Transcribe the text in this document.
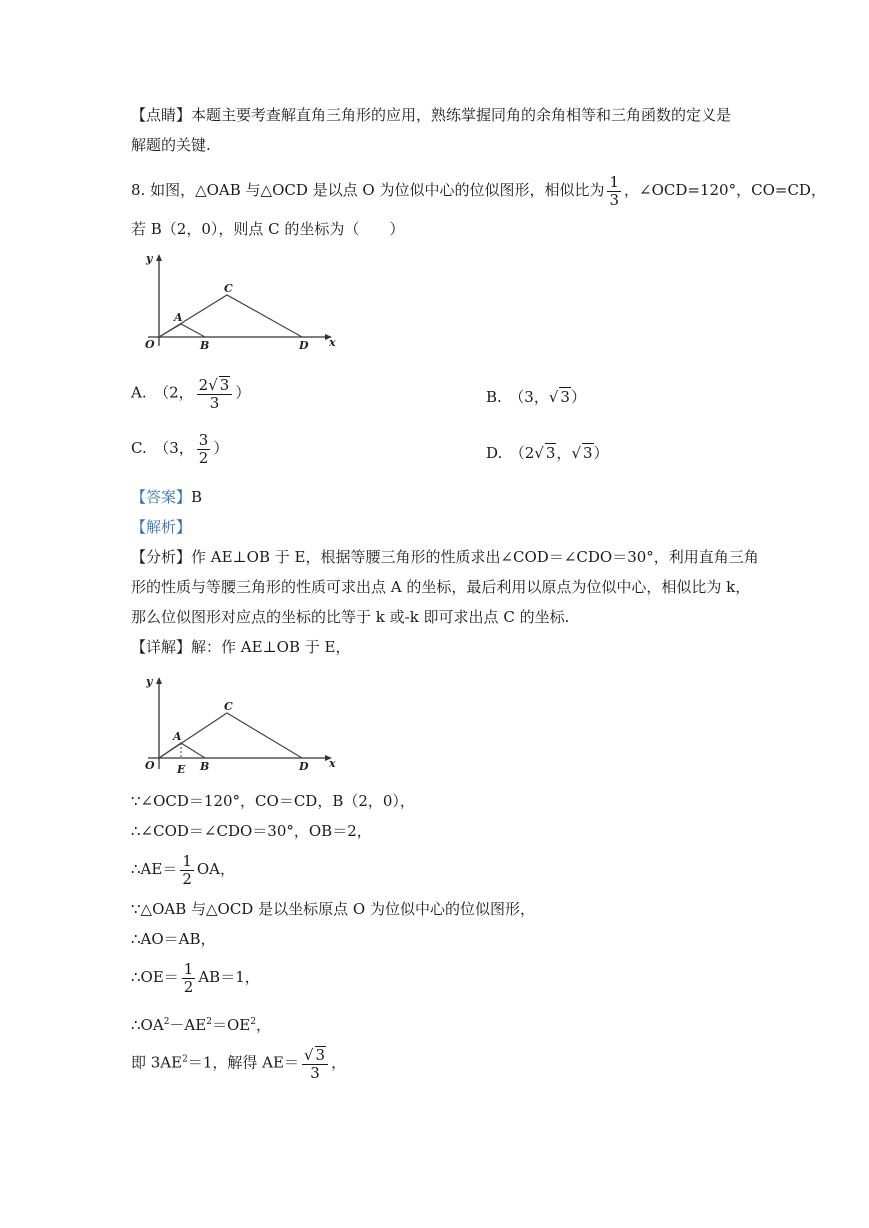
【点睛】本题主要考查解直角三角形的应用，熟练掌握同角的余角相等和三角函数的定义是
解题的关键.
8. 如图，△OAB 与△OCD 是以点 O 为位似中心的位似图形，相似比为 $\frac{1}{3}$ ，∠OCD=120°，CO=CD，
若 B（2，0），则点 C 的坐标为（　　）
y
x
O
A
B
C
D
A.　（2， $\frac{2√ 3}{3}$ ）	B.　（3，√ 3）
C.　（3， $\frac{3}{2}$ ）	D.　（2√ 3，√ 3）
【答案】B
【解析】
【分析】作 AE⊥OB 于 E，根据等腰三角形的性质求出∠COD＝∠CDO＝30°，利用直角三角
形的性质与等腰三角形的性质可求出点 A 的坐标，最后利用以原点为位似中心，相似比为 k，
那么位似图形对应点的坐标的比等于 k 或-k 即可求出点 C 的坐标.
【详解】解：作 AE⊥OB 于 E，
y
x
O
A
E B
C
D
∵∠OCD＝120°，CO＝CD，B（2，0），
∴∠COD＝∠CDO＝30°，OB＝2，
∴AE＝ $\frac{1}{2}$ OA，
∵△OAB 与△OCD 是以坐标原点 O 为位似中心的位似图形，
∴AO＝AB，
∴OE＝ $\frac{1}{2} AB=1$，
$\therefore OA^2-AE^2=OE^2$，
即 $3AE^2=1$，解得 $AE= \frac{√ 3}{3}$ ，
